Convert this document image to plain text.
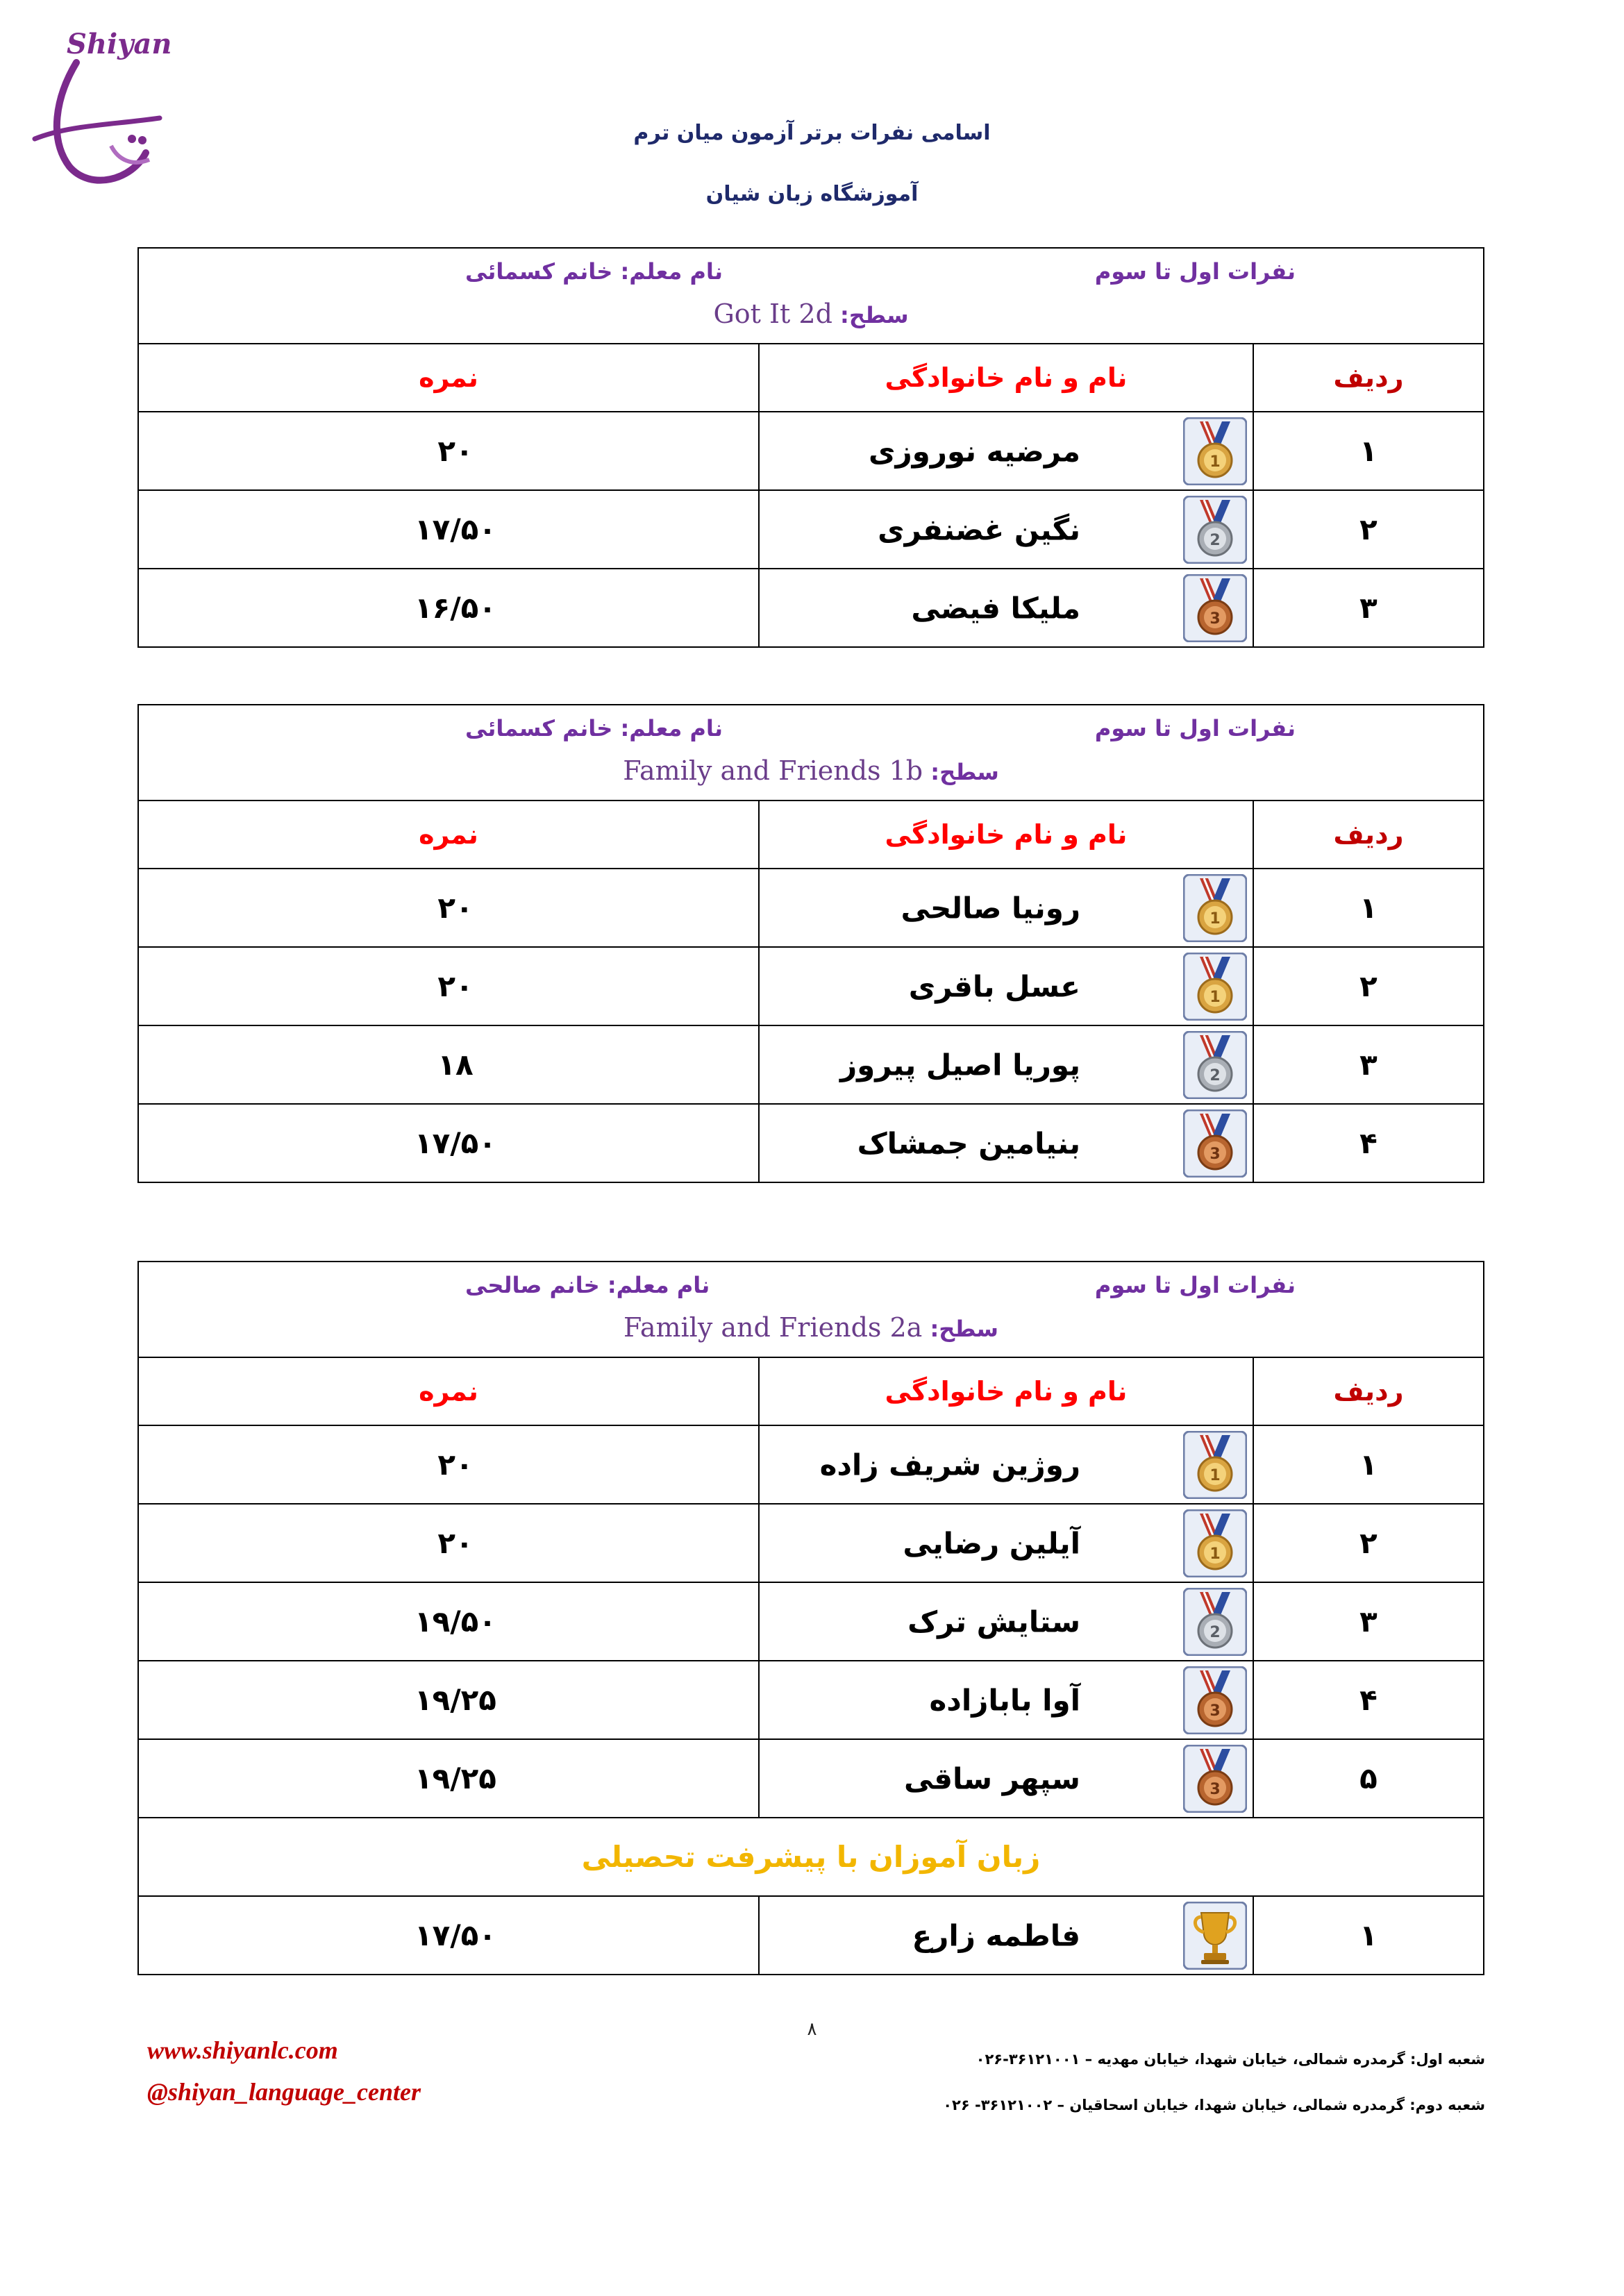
Shiyan
اسامی نفرات برتر آزمون میان ترم
آموزشگاه زبان شیان
نفرات اول تا سوم
نام معلم: خانم کسمائی
سطح: Got It 2d		

ردیف	نام و نام خانوادگی	نمره
۱	مرضیه نوروزی	۲۰
۲	نگین غضنفری	۱۷/۵۰
۳	ملیکا فیضی	۱۶/۵۰
نفرات اول تا سوم
نام معلم: خانم کسمائی
سطح: Family and Friends 1b		

ردیف	نام و نام خانوادگی	نمره
۱	رونیا صالحی	۲۰
۲	عسل باقری	۲۰
۳	پوریا اصیل پیروز	۱۸
۴	بنیامین جمشاک	۱۷/۵۰
نفرات اول تا سوم
نام معلم: خانم صالحی
سطح: Family and Friends 2a		

ردیف	نام و نام خانوادگی	نمره
۱	روژین شریف زاده	۲۰
۲	آیلین رضایی	۲۰
۳	ستایش ترک	۱۹/۵۰
۴	آوا بابازاده	۱۹/۲۵
۵	سپهر ساقی	۱۹/۲۵
زبان آموزان با پیشرفت تحصیلی		
۱	فاطمه زارع	۱۷/۵۰
۸
www.shiyanlc.com
@shiyan_language_center
شعبه اول: گرمدره شمالی، خیابان شهدا، خیابان مهدیه – ۳۶۱۲۱۰۰۱-۰۲۶
شعبه دوم: گرمدره شمالی، خیابان شهدا، خیابان اسحاقیان – ۳۶۱۲۱۰۰۲- ۰۲۶
